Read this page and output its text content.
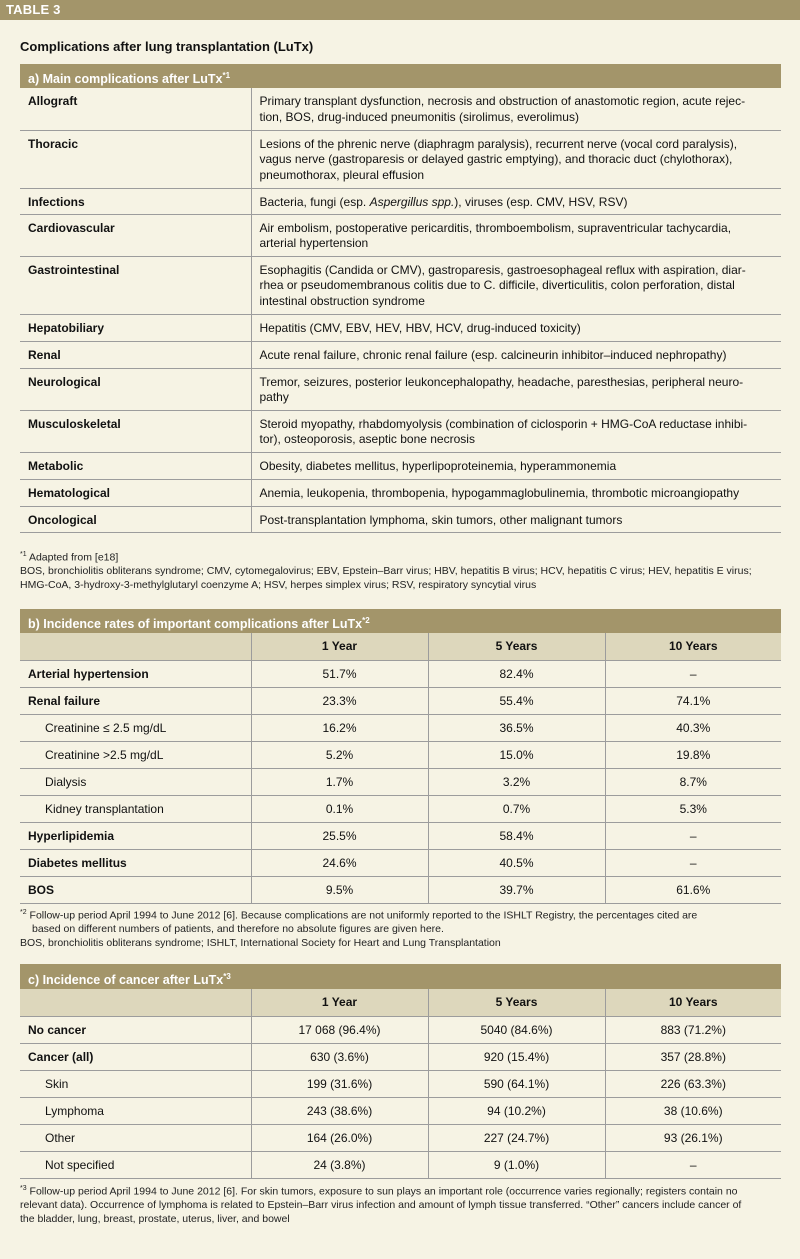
TABLE 3
Complications after lung transplantation (LuTx)
a) Main complications after LuTx$^{*1}$
Allograft	Primary transplant dysfunction, necrosis and obstruction of anastomotic region, acute rejec-
tion, BOS, drug-induced pneumonitis (sirolimus, everolimus)

Thoracic	Lesions of the phrenic nerve (diaphragm paralysis), recurrent nerve (vocal cord paralysis),
vagus nerve (gastroparesis or delayed gastric emptying), and thoracic duct (chylothorax),
pneumothorax, pleural effusion

Infections	Bacteria, fungi (esp. Aspergillus spp.), viruses (esp. CMV, HSV, RSV)

Cardiovascular	Air embolism, postoperative pericarditis, thromboembolism, supraventricular tachycardia,
arterial hypertension

Gastrointestinal	Esophagitis (Candida or CMV), gastroparesis, gastroesophageal reflux with aspiration, diar-
rhea or pseudomembranous colitis due to C. difficile, diverticulitis, colon perforation, distal
intestinal obstruction syndrome

Hepatobiliary	Hepatitis (CMV, EBV, HEV, HBV, HCV, drug-induced toxicity)

Renal	Acute renal failure, chronic renal failure (esp. calcineurin inhibitor–induced nephropathy)

Neurological	Tremor, seizures, posterior leukoncephalopathy, headache, paresthesias, peripheral neuro-
pathy

Musculoskeletal	Steroid myopathy, rhabdomyolysis (combination of ciclosporin + HMG-CoA reductase inhibi-
tor), osteoporosis, aseptic bone necrosis

Metabolic	Obesity, diabetes mellitus, hyperlipoproteinemia, hyperammonemia

Hematological	Anemia, leukopenia, thrombopenia, hypogammaglobulinemia, thrombotic microangiopathy

Oncological	Post-transplantation lymphoma, skin tumors, other malignant tumors
$^{*1}$ Adapted from [e18]
BOS, bronchiolitis obliterans syndrome; CMV, cytomegalovirus; EBV, Epstein–Barr virus; HBV, hepatitis B virus; HCV, hepatitis C virus; HEV, hepatitis E virus;
HMG-CoA, 3-hydroxy-3-methylglutaryl coenzyme A; HSV, herpes simplex virus; RSV, respiratory syncytial virus
b) Incidence rates of important complications after LuTx$^{*2}$
	1 Year	5 Years	10 Years
Arterial hypertension	51.7%	82.4%	–
Renal failure	23.3%	55.4%	74.1%
Creatinine ≤ 2.5 mg/dL	16.2%	36.5%	40.3%
Creatinine >2.5 mg/dL	5.2%	15.0%	19.8%
Dialysis	1.7%	3.2%	8.7%
Kidney transplantation	0.1%	0.7%	5.3%
Hyperlipidemia	25.5%	58.4%	–
Diabetes mellitus	24.6%	40.5%	–
BOS	9.5%	39.7%	61.6%
$^{*2}$ Follow-up period April 1994 to June 2012 [6]. Because complications are not uniformly reported to the ISHLT Registry, the percentages cited are
based on different numbers of patients, and therefore no absolute figures are given here.
BOS, bronchiolitis obliterans syndrome; ISHLT, International Society for Heart and Lung Transplantation
c) Incidence of cancer after LuTx$^{*3}$
	1 Year	5 Years	10 Years
No cancer	17 068 (96.4%)	5040 (84.6%)	883 (71.2%)
Cancer (all)	630 (3.6%)	920 (15.4%)	357 (28.8%)
Skin	199 (31.6%)	590 (64.1%)	226 (63.3%)
Lymphoma	243 (38.6%)	94 (10.2%)	38 (10.6%)
Other	164 (26.0%)	227 (24.7%)	93 (26.1%)
Not specified	24 (3.8%)	9 (1.0%)	–
$^{*3}$ Follow-up period April 1994 to June 2012 [6]. For skin tumors, exposure to sun plays an important role (occurrence varies regionally; registers contain no
relevant data). Occurrence of lymphoma is related to Epstein–Barr virus infection and amount of lymph tissue transferred. “Other” cancers include cancer of
the bladder, lung, breast, prostate, uterus, liver, and bowel
